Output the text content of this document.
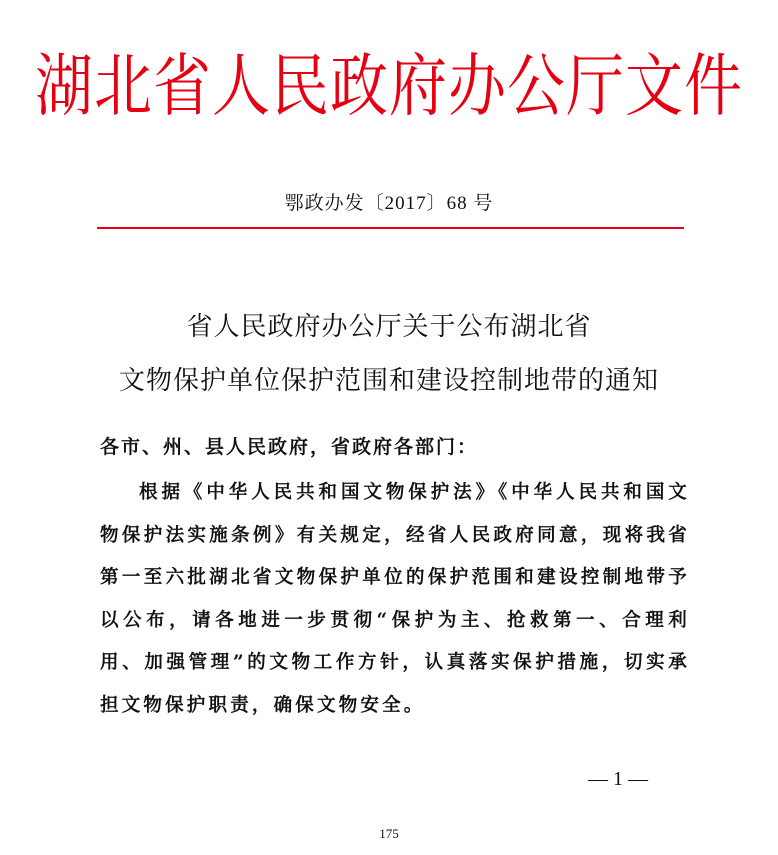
湖北省人民政府办公厅文件
鄂政办发〔2017〕68 号
省人民政府办公厅关于公布湖北省
文物保护单位保护范围和建设控制地带的通知
各市、州、县人民政府，省政府各部门：
根据《中华人民共和国文物保护法》《中华人民共和国文物保护法实施条例》有关规定，经省人民政府同意，现将我省第一至六批湖北省文物保护单位的保护范围和建设控制地带予以公布，请各地进一步贯彻“保护为主、抢救第一、合理利用、加强管理”的文物工作方针，认真落实保护措施，切实承担文物保护职责，确保文物安全。
— 1 —
175
